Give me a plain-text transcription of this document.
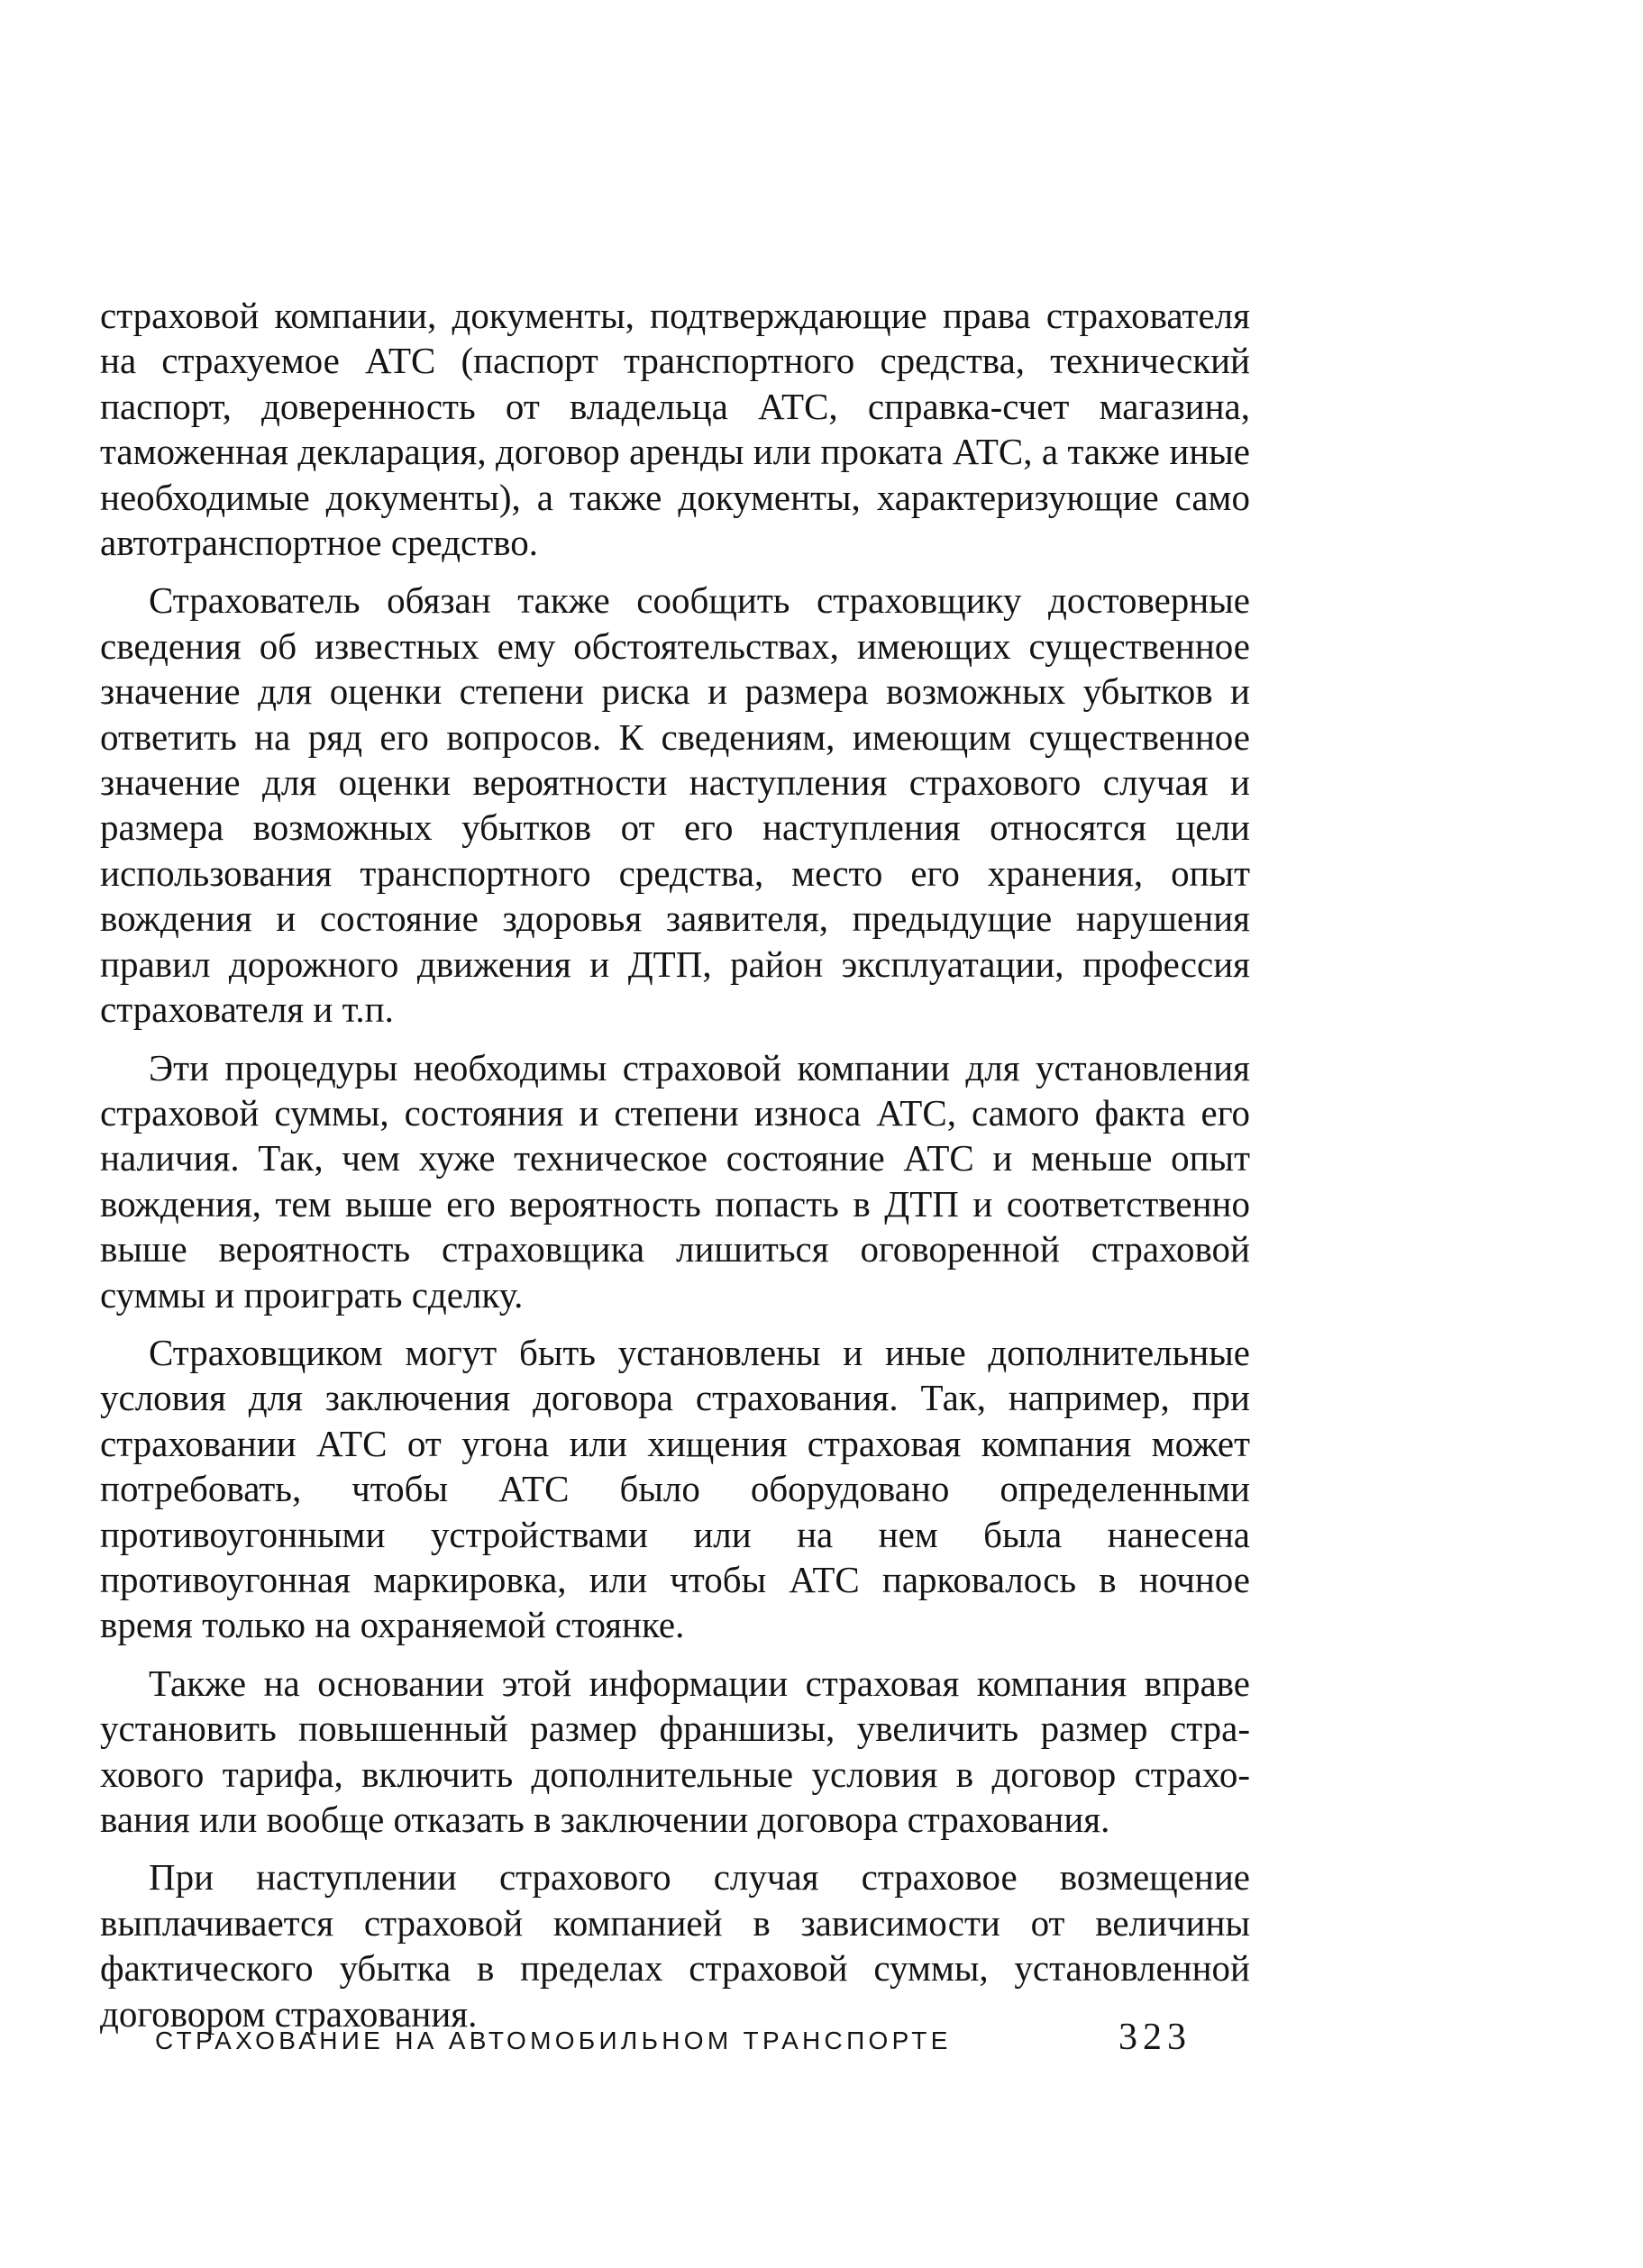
страховой компании, документы, подтверждающие права страхователя на страхуемое АТС (паспорт транспортного средства, технический паспорт, доверенность от владельца АТС, справка-счет магазина, таможенная декларация, договор аренды или проката АТС, а также иные необходимые документы), а также документы, характеризующие само автотранспортное средство.

Страхователь обязан также сообщить страховщику достоверные сведения об известных ему обстоятельствах, имеющих существенное значение для оценки степени риска и размера возможных убытков и ответить на ряд его вопросов. К сведениям, имеющим существенное значение для оценки вероятности наступления страхового случая и размера возможных убытков от его наступления относятся цели использования транспортного средства, место его хранения, опыт вождения и состояние здоровья заявителя, предыдущие нарушения правил дорожного движения и ДТП, район эксплуатации, профессия страхователя и т.п.

Эти процедуры необходимы страховой компании для установления страховой суммы, состояния и степени износа АТС, самого факта его наличия. Так, чем хуже техническое состояние АТС и меньше опыт вождения, тем выше его вероятность попасть в ДТП и соответственно выше вероятность страховщика лишиться оговоренной страховой суммы и проиграть сделку.

Страховщиком могут быть установлены и иные дополнительные условия для заключения договора страхования. Так, например, при страховании АТС от угона или хищения страховая компания может потребовать, чтобы АТС было оборудовано определенными противоугонными устройствами или на нем была нанесена противоугонная маркировка, или чтобы АТС парковалось в ночное время только на охраняемой стоянке.

Также на основании этой информации страховая компания вправе установить повышенный размер франшизы, увеличить размер страхового тарифа, включить дополнительные условия в договор страхования или вообще отказать в заключении договора страхования.

При наступлении страхового случая страховое возмещение выплачивается страховой компанией в зависимости от величины фактического убытка в пределах страховой суммы, установленной договором страхования.

СТРАХОВАНИЕ НА АВТОМОБИЛЬНОМ ТРАНСПОРТЕ	323
